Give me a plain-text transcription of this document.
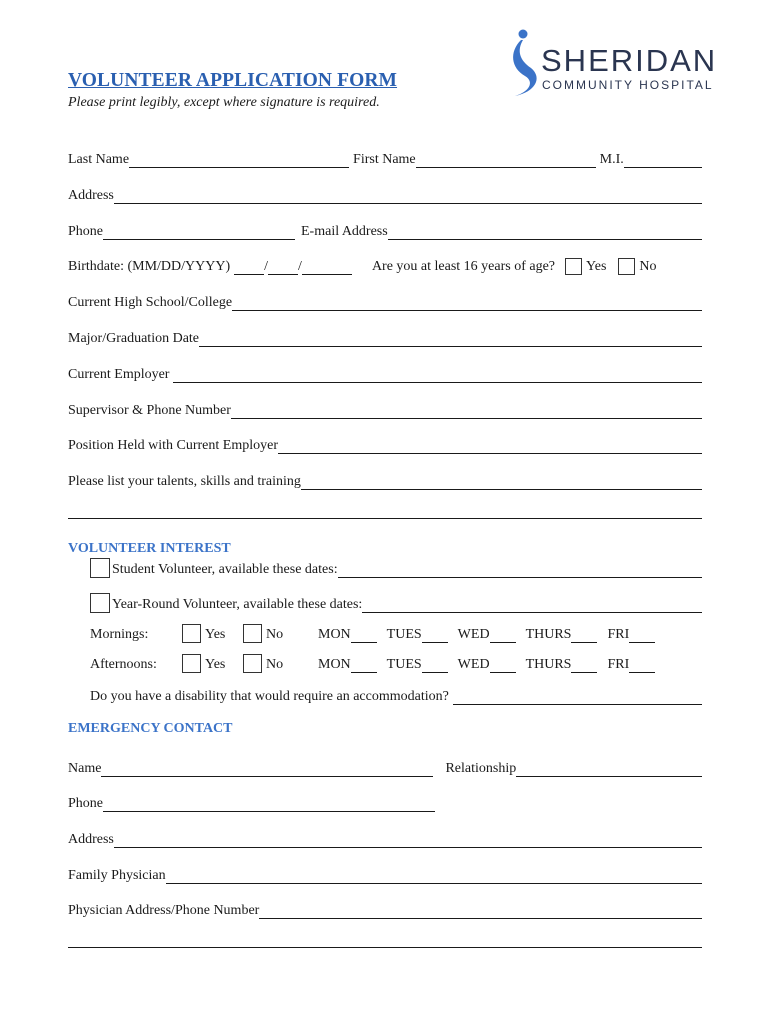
SHERIDAN
COMMUNITY HOSPITAL
VOLUNTEER APPLICATION FORM
Please print legibly, except where signature is required.
Last Name	First Name	M.I.
Address
Phone	E-mail Address
Birthdate: (MM/DD/YYYY) / /	Are you at least 16 years of age? Yes No
Current High School/College
Major/Graduation Date
Current Employer
Supervisor & Phone Number
Position Held with Current Employer
Please list your talents, skills and training
VOLUNTEER INTEREST
Student Volunteer, available these dates:
Year-Round Volunteer, available these dates:
Mornings:	Yes	No	MON	TUES	WED	THURS	FRI
Afternoons:	Yes	No	MON	TUES	WED	THURS	FRI
Do you have a disability that would require an accommodation?
EMERGENCY CONTACT
Name	Relationship
Phone
Address
Family Physician
Physician Address/Phone Number
